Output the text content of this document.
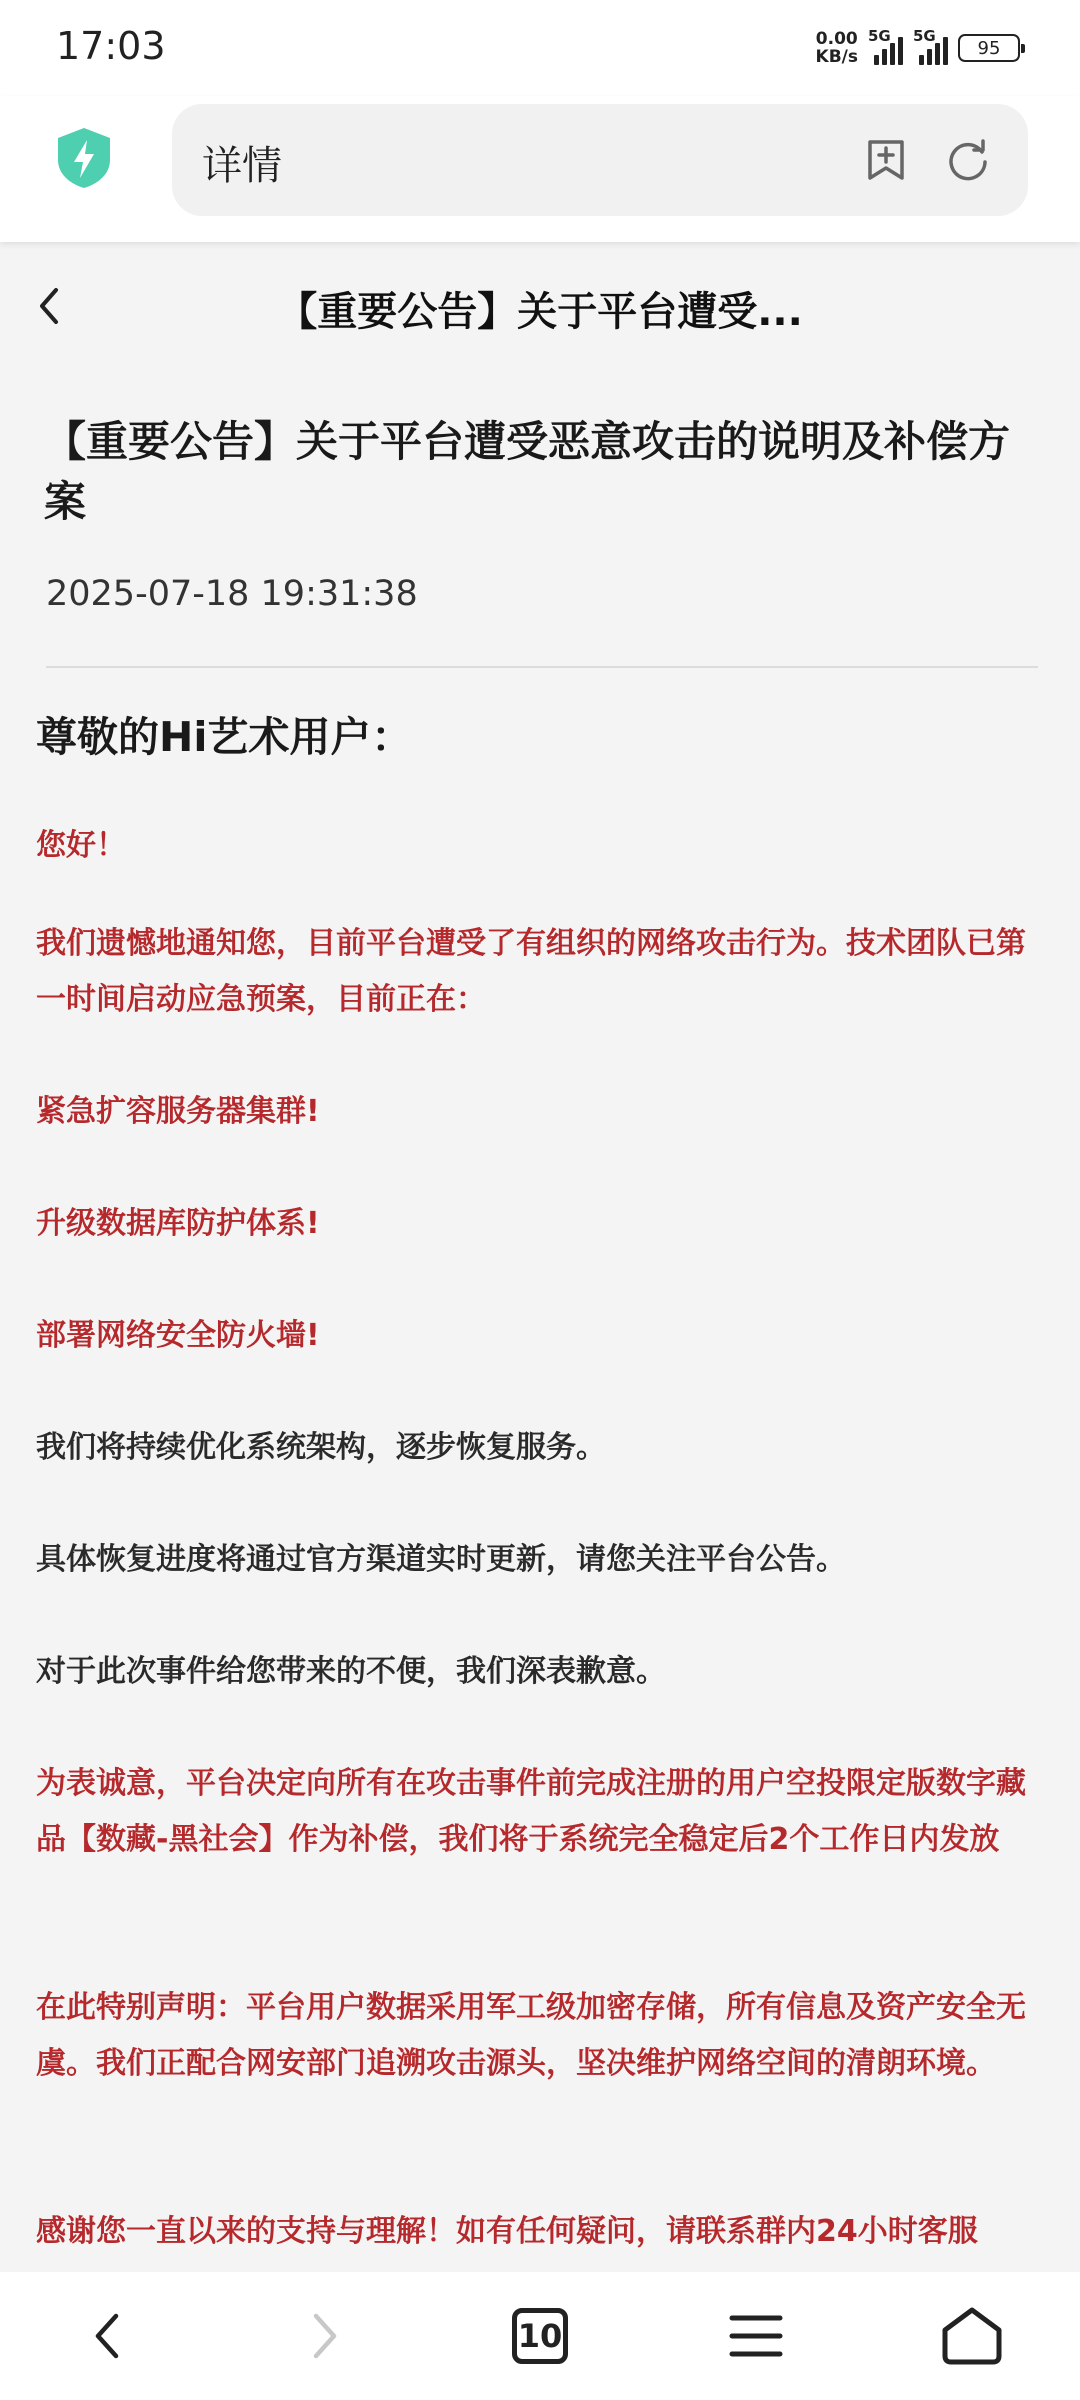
17:03	0.00
KB/s
5G 5G
95
详情
【重要公告】关于平台遭受...
【重要公告】关于平台遭受恶意攻击的说明及补偿方案
2025-07-18 19:31:38
尊敬的Hi艺术用户：
您好！
我们遗憾地通知您，目前平台遭受了有组织的网络攻击行为。技术团队已第一时间启动应急预案，目前正在：
紧急扩容服务器集群!
升级数据库防护体系!
部署网络安全防火墙!
我们将持续优化系统架构，逐步恢复服务。
具体恢复进度将通过官方渠道实时更新，请您关注平台公告。
对于此次事件给您带来的不便，我们深表歉意。
为表诚意，平台决定向所有在攻击事件前完成注册的用户空投限定版数字藏品【数藏-黑社会】作为补偿，我们将于系统完全稳定后2个工作日内发放
在此特别声明：平台用户数据采用军工级加密存储，所有信息及资产安全无虞。我们正配合网安部门追溯攻击源头，坚决维护网络空间的清朗环境。
感谢您一直以来的支持与理解！如有任何疑问，请联系群内24小时客服
10
